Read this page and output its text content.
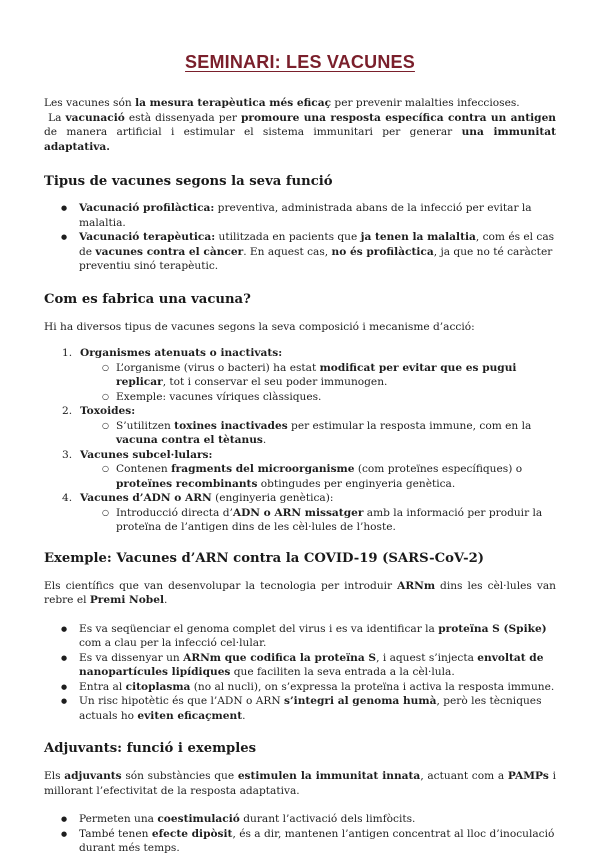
SEMINARI: LES VACUNES

Les vacunes són la mesura terapèutica més eficaç per prevenir malalties infeccioses.

La vacunació està dissenyada per promoure una resposta específica contra un antigen de manera artificial i estimular el sistema immunitari per generar una immunitat adaptativa.

Tipus de vacunes segons la seva funció
● Vacunació profilàctica: preventiva, administrada abans de la infecció per evitar la malaltia.
● Vacunació terapèutica: utilitzada en pacients que ja tenen la malaltia, com és el cas de vacunes contra el càncer. En aquest cas, no és profilàctica, ja que no té caràcter preventiu sinó terapèutic.
Com es fabrica una vacuna?

Hi ha diversos tipus de vacunes segons la seva composició i mecanisme d’acció:

1. Organismes atenuats o inactivats:
○ L’organisme (virus o bacteri) ha estat modificat per evitar que es pugui replicar, tot i conservar el seu poder immunogen.
○ Exemple: vacunes víriques clàssiques.
2. Toxoides:
○ S’utilitzen toxines inactivades per estimular la resposta immune, com en la vacuna contra el tètanus.
3. Vacunes subcel·lulars:
○ Contenen fragments del microorganisme (com proteïnes específiques) o proteïnes recombinants obtingudes per enginyeria genètica.
4. Vacunes d’ADN o ARN (enginyeria genètica):
○ Introducció directa d’ADN o ARN missatger amb la informació per produir la proteïna de l’antigen dins de les cèl·lules de l’hoste.
Exemple: Vacunes d’ARN contra la COVID-19 (SARS-CoV-2)

Els científics que van desenvolupar la tecnologia per introduir ARNm dins les cèl·lules van rebre el Premi Nobel.

● Es va seqüenciar el genoma complet del virus i es va identificar la proteïna S (Spike) com a clau per la infecció cel·lular.
● Es va dissenyar un ARNm que codifica la proteïna S, i aquest s’injecta envoltat de nanopartícules lipídiques que faciliten la seva entrada a la cèl·lula.
● Entra al citoplasma (no al nucli), on s’expressa la proteïna i activa la resposta immune.
● Un risc hipotètic és que l’ADN o ARN s’integri al genoma humà, però les tècniques actuals ho eviten eficaçment.
Adjuvants: funció i exemples

Els adjuvants són substàncies que estimulen la immunitat innata, actuant com a PAMPs i millorant l’efectivitat de la resposta adaptativa.

● Permeten una coestimulació durant l’activació dels limfòcits.
● També tenen efecte dipòsit, és a dir, mantenen l’antigen concentrat al lloc d’inoculació durant més temps.
